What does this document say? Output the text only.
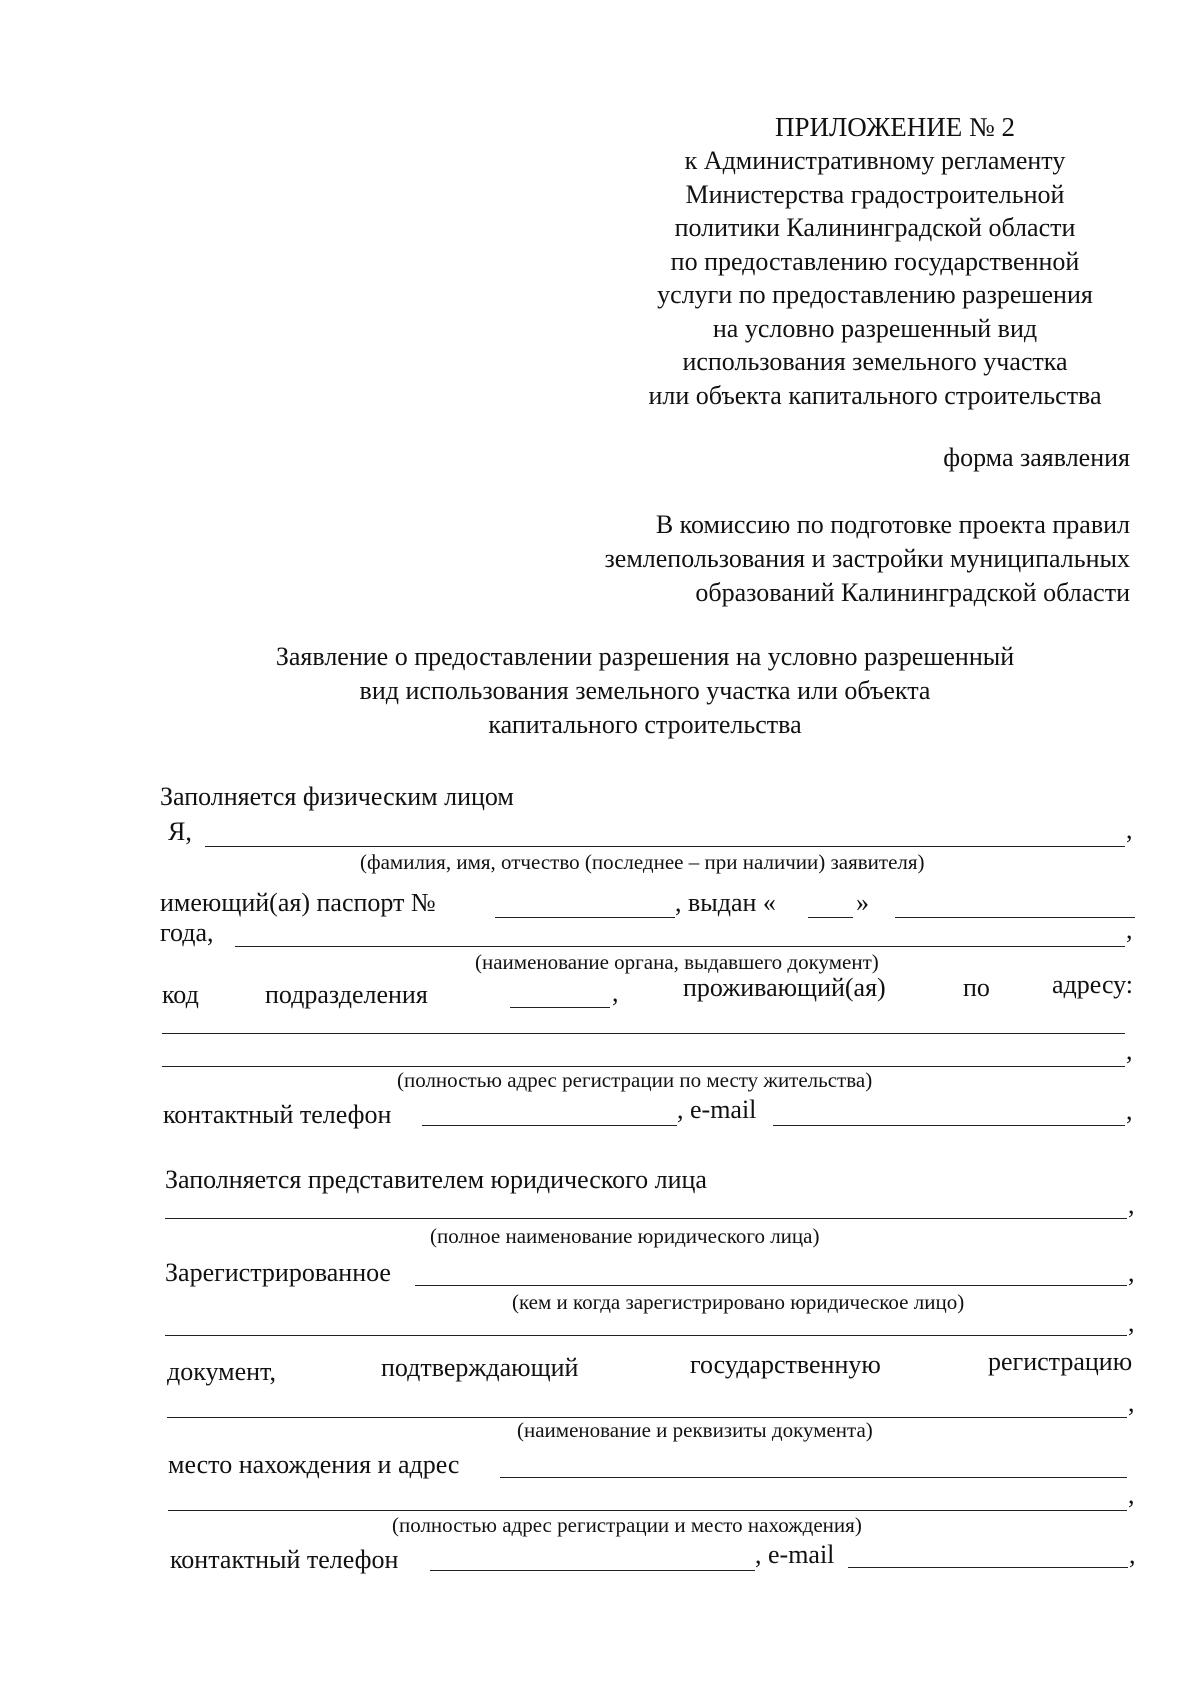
ПРИЛОЖЕНИЕ № 2
к Административному регламенту
Министерства градостроительной
политики Калининградской области
по предоставлению государственной
услуги по предоставлению разрешения
на условно разрешенный вид
использования земельного участка
или объекта капитального строительства
форма заявления
В комиссию по подготовке проекта правил
землепользования и застройки муниципальных
образований Калининградской области
Заявление о предоставлении разрешения на условно разрешенный
вид использования земельного участка или объекта
капитального строительства
Заполняется физическим лицом
Я,	,
(фамилия, имя, отчество (последнее – при наличии) заявителя)
имеющий(ая) паспорт №	, выдан «	»
года,	,
(наименование органа, выдавшего документ)
код	подразделения	, проживающий(ая)	по адресу:
,
(полностью адрес регистрации по месту жительства)
контактный телефон	, e-mail	,
Заполняется представителем юридического лица
,
(полное наименование юридического лица)
Зарегистрированное	,
(кем и когда зарегистрировано юридическое лицо)
,
документ,	подтверждающий	государственную	регистрацию
,
(наименование и реквизиты документа)
место нахождения и адрес
,
(полностью адрес регистрации и место нахождения)
контактный телефон	, e-mail	,
